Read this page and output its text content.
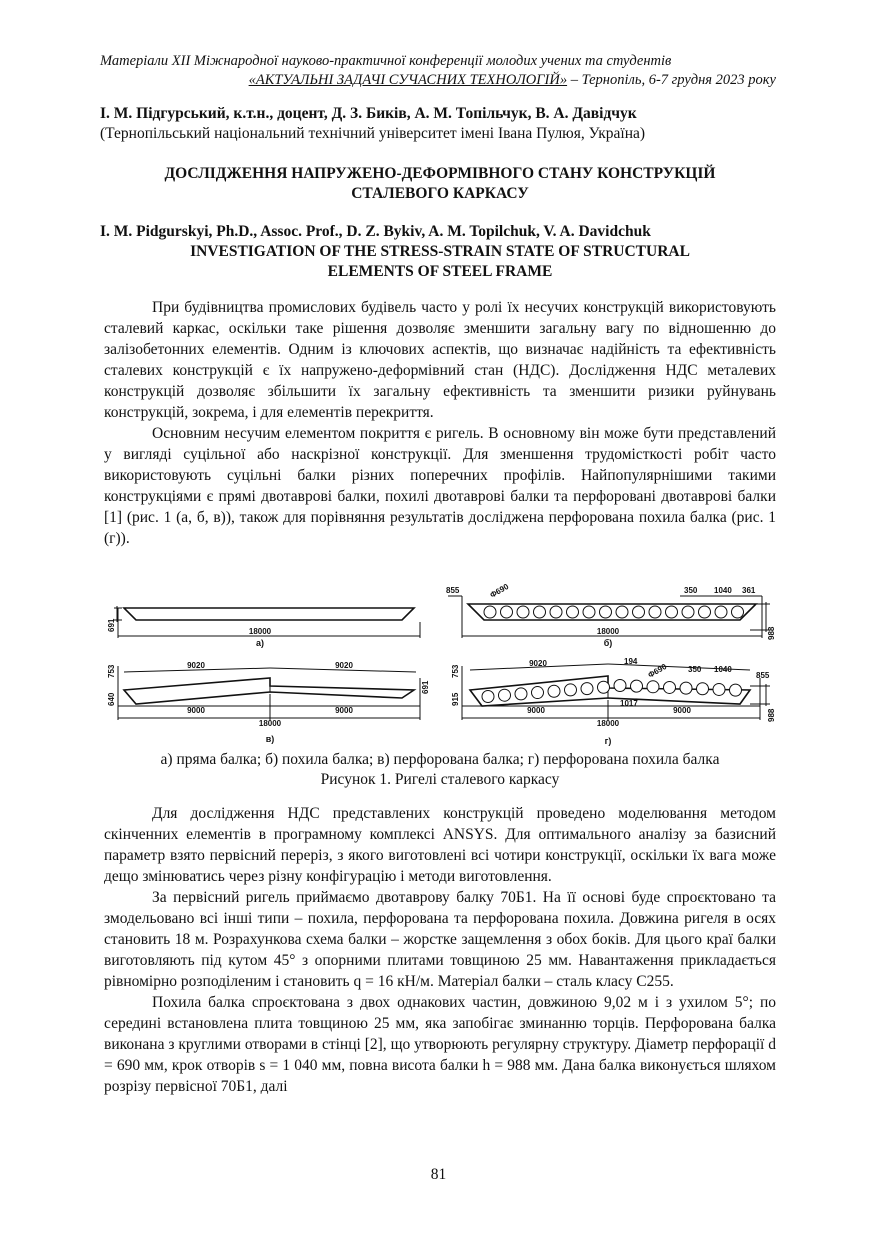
Матеріали XII Міжнародної науково-практичної конференції молодих учених та студентів
«АКТУАЛЬНІ ЗАДАЧІ СУЧАСНИХ ТЕХНОЛОГІЙ» – Тернопіль, 6-7 грудня 2023 року
І. М. Підгурський, к.т.н., доцент, Д. З. Биків, А. М. Топільчук, В. А. Давідчук
(Тернопільський національний технічний університет імені Івана Пулюя, Україна)
ДОСЛІДЖЕННЯ НАПРУЖЕНО-ДЕФОРМІВНОГО СТАНУ КОНСТРУКЦІЙ
СТАЛЕВОГО КАРКАСУ
I. M. Pidgurskyi, Ph.D., Assoc. Prof., D. Z. Bykiv, A. M. Topilchuk, V. A. Davidchuk
INVESTIGATION OF THE STRESS-STRAIN STATE OF STRUCTURAL
ELEMENTS OF STEEL FRAME

При будівництва промислових будівель часто у ролі їх несучих конструкцій використовують сталевий каркас, оскільки таке рішення дозволяє зменшити загальну вагу по відношенню до залізобетонних елементів. Одним із ключових аспектів, що визначає надійність та ефективність сталевих конструкцій є їх напружено-деформівний стан (НДС). Дослідження НДС металевих конструкцій дозволяє збільшити їх загальну ефективність та зменшити ризики руйнувань конструкцій, зокрема, і для елементів перекриття.

Основним несучим елементом покриття є ригель. В основному він може бути представлений у вигляді суцільної або наскрізної конструкції. Для зменшення трудомісткості робіт часто використовують суцільні балки різних поперечних профілів. Найпопулярнішими такими конструкціями є прямі двотаврові балки, похилі двотаврові балки та перфоровані двотаврові балки [1] (рис. 1 (а, б, в)), також для порівняння результатів досліджена перфорована похила балка (рис. 1 (г)).

18000
а)
691	18000
б)
855	Φ690	350 1040 361
988
9020	9020
9000	9000
18000
в)
753
640
691
9020	194
Φ690 350 1040
855
1017
9000	9000
18000
г)
753
915
988
а) пряма балка; б) похила балка; в) перфорована балка; г) перфорована похила балка
Рисунок 1. Ригелі сталевого каркасу

Для дослідження НДС представлених конструкцій проведено моделювання методом скінченних елементів в програмному комплексі ANSYS. Для оптимального аналізу за базисний параметр взято первісний переріз, з якого виготовлені всі чотири конструкції, оскільки їх вага може дещо змінюватись через різну конфігурацію і методи виготовлення.

За первісний ригель приймаємо двотаврову балку 70Б1. На її основі буде спроєктовано та змодельовано всі інші типи – похила, перфорована та перфорована похила. Довжина ригеля в осях становить 18 м. Розрахункова схема балки – жорстке защемлення з обох боків. Для цього краї балки виготовляють під кутом 45° з опорними плитами товщиною 25 мм. Навантаження прикладається рівномірно розподіленим і становить q = 16 кН/м. Матеріал балки – сталь класу С255.

Похила балка спроєктована з двох однакових частин, довжиною 9,02 м і з ухилом 5°; по середині встановлена плита товщиною 25 мм, яка запобігає зминанню торців. Перфорована балка виконана з круглими отворами в стінці [2], що утворюють регулярну структуру. Діаметр перфорації d = 690 мм, крок отворів s = 1 040 мм, повна висота балки h = 988 мм. Дана балка виконується шляхом розрізу первісної 70Б1, далі

81
